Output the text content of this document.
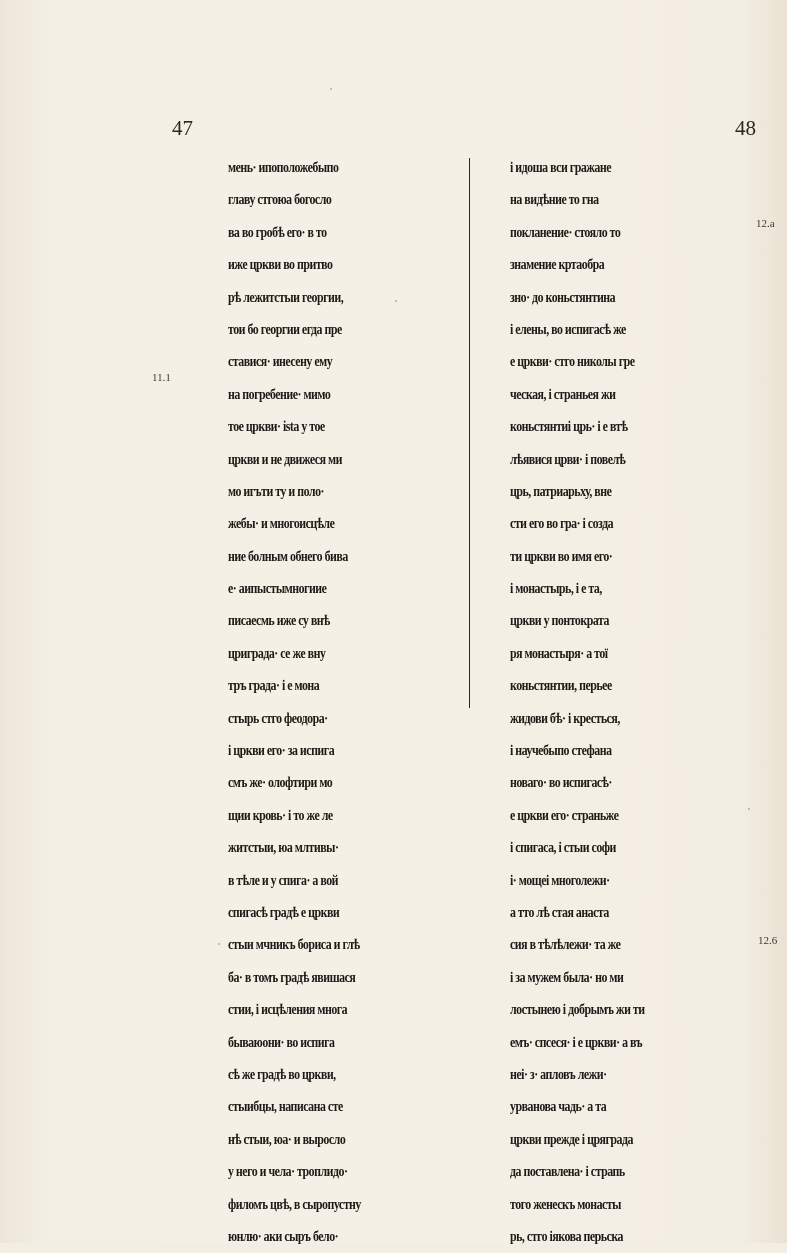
47	48
11.1
12.a
12.6
мень· ипоположебыпо
главу стгоюа богосло
ва во гробѣ его· в то
иже цркви во притво
рѣ лежитстыи георгии,
тои бо георгии егда пре
ставися· инесену ему
на погребение· мимо
тое цркви· ista у тое
цркви и не движеся ми
мо игъти ту и поло·
жебы· и многоисцѣле
ние болным обнего бива
е· аипыстымногиие
писаесмь иже су внѣ
цриграда· се же вну
тръ града· і е мона
стырь стго феодора·
і цркви его· за испига
смъ же· олофтири мо
щии кровь· і то же ле
житстыи, юа млтивы·
в тѣле и у спига· а вой
спигасѣ градѣ е цркви
стыи мчникъ бориса и глѣ
ба· в томъ градѣ явишася
стии, і исцѣления многа
бываюони· во испига
сѣ же градѣ во цркви,
стыибцы, написана сте
нѣ стыи, юа· и выросло
у него и чела· троплидо·
филомъ цвѣ, в сыропустну
юнлю· аки сыръ бело·
і идоша вси гражане
на видѣние то гна
покланение· стояло то
знамение кртаобра
зно· до коньстянтина
і елены, во испигасѣ же
е цркви· стго николы гре
ческая, і страньея жи
коньстянтиі црь· і е втѣ
лѣявися црви· і повелѣ
црь, патриарьху, вне
сти его во гра· і созда
ти цркви во имя его·
і монастырь, і е та,
цркви у понтократа
ря монастыря· а тої
коньстянтии, перьее
жидови бѣ· і кресться,
і научебыпо стефана
новаго· во испигасѣ·
е цркви его· страньже
і спигаса, і стыи софи
і· мощеі многолежи·
а тто лѣ стая анаста
сия в тѣлѣлежи· та же
і за мужем была· но ми
лостынею і добрымъ жи ти
емъ· спсеся· і е цркви· а въ
неі· з· апловъ лежи·
урванова чадь· а та
цркви прежде і цряграда
да поставлена· і страпь
того женескъ монасты
рь, стго іякова перьска
